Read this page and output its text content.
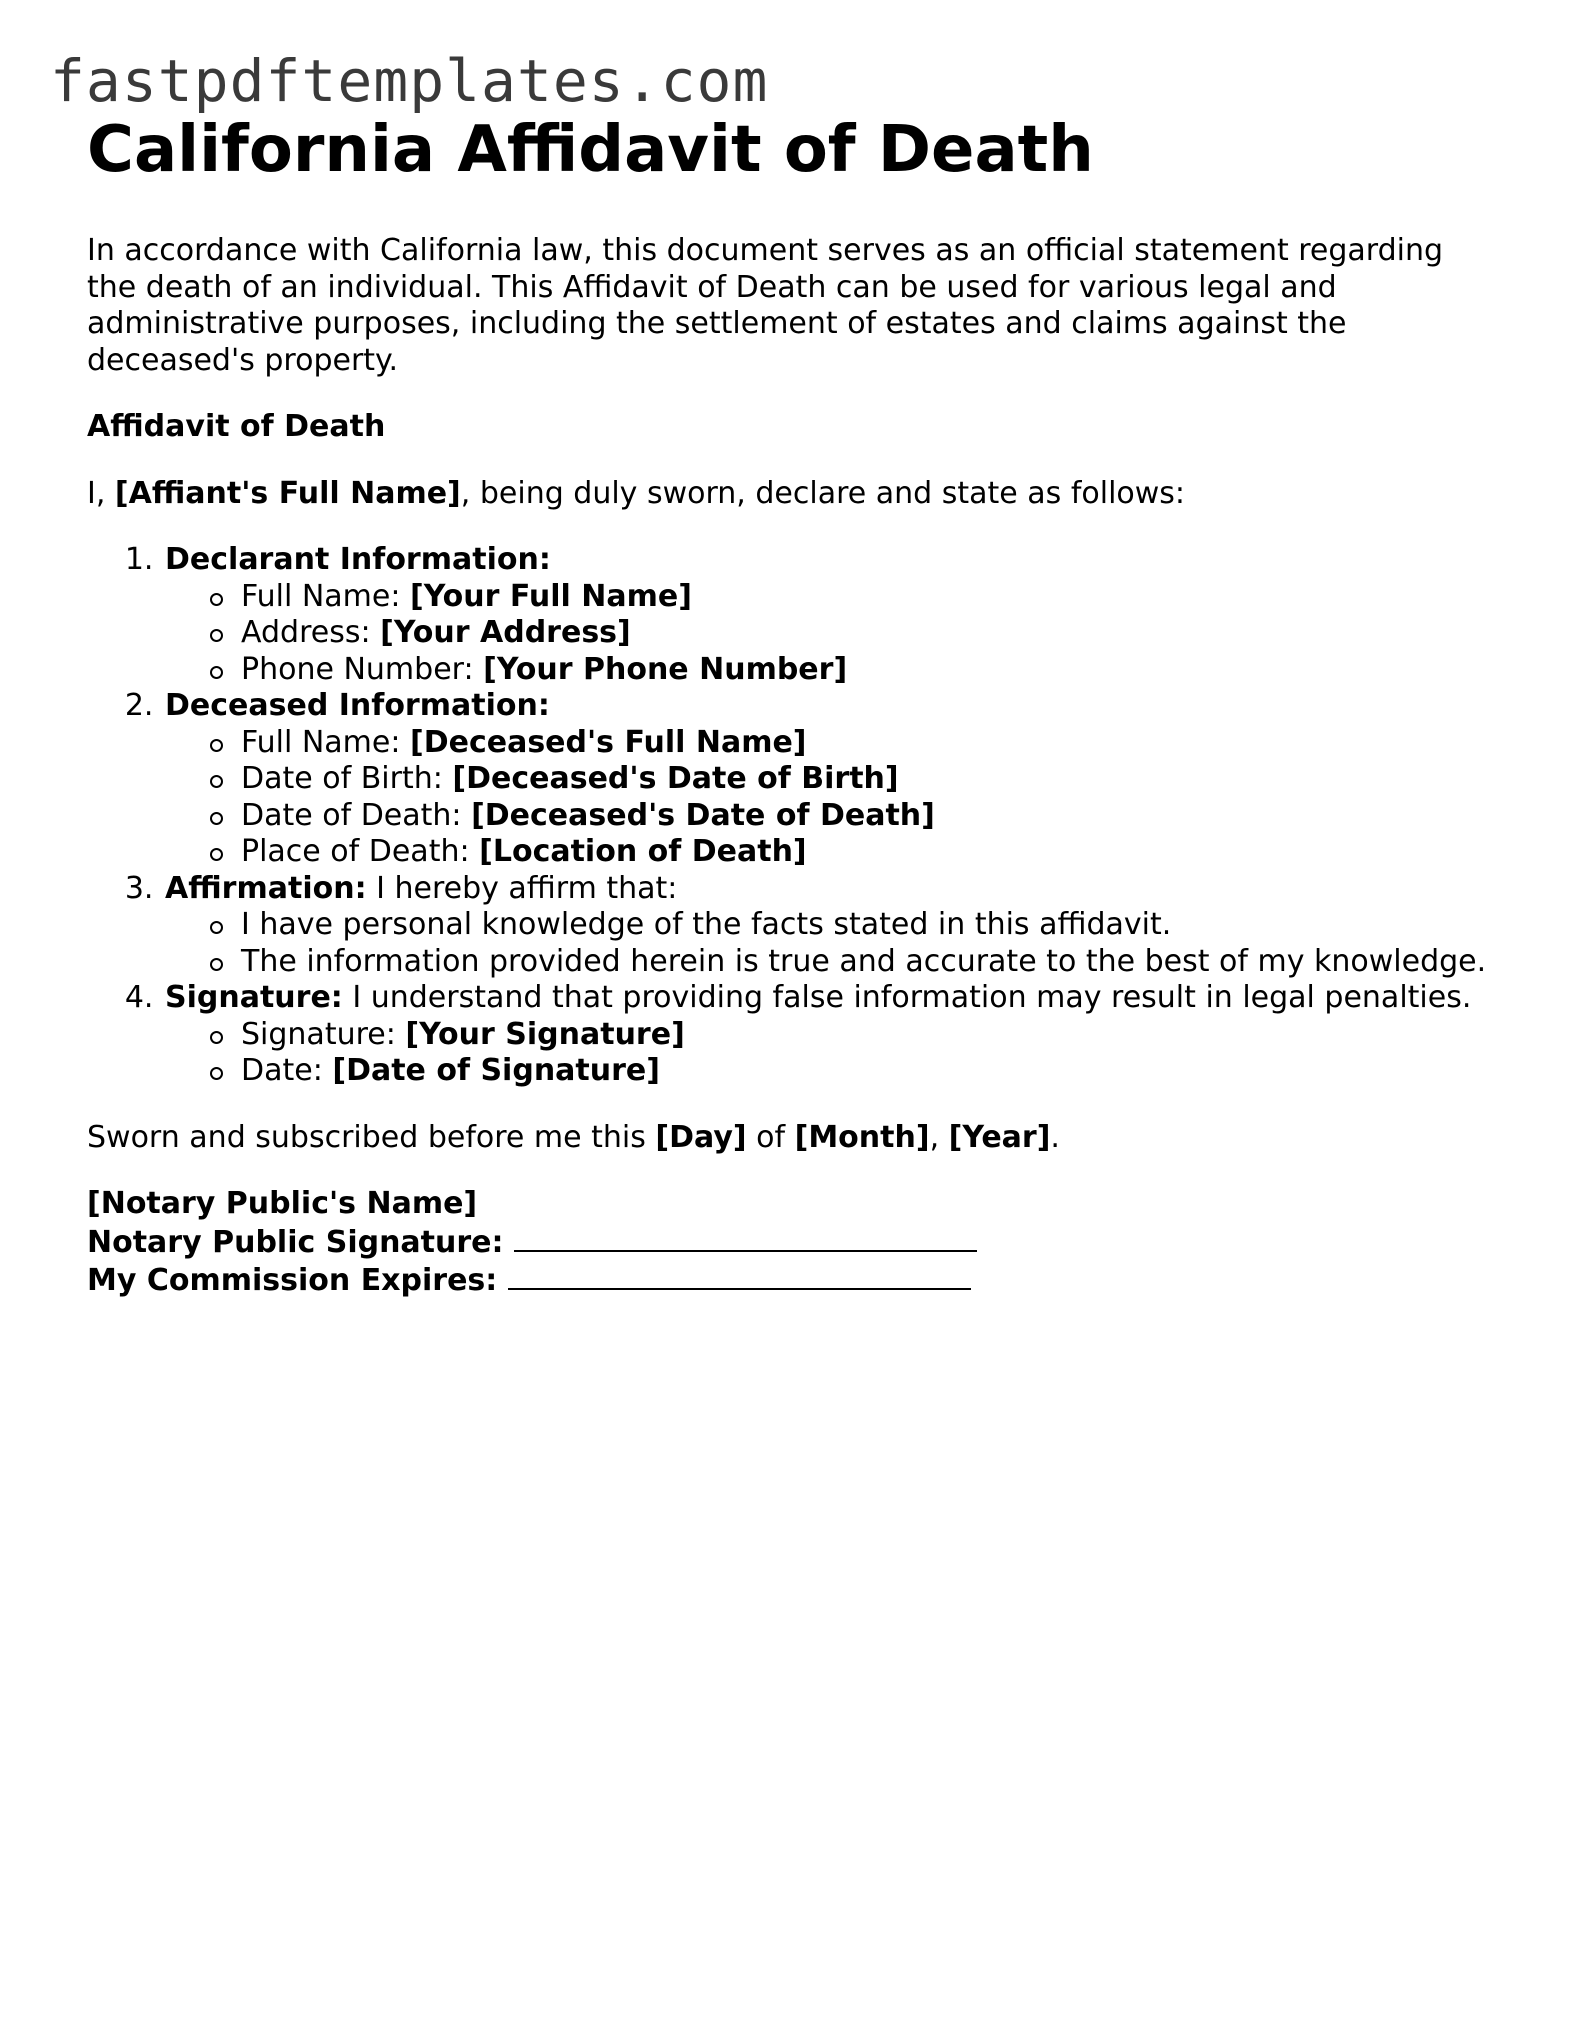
fastpdftemplates.com
California Affidavit of Death

In accordance with California law, this document serves as an official statement regarding the death of an individual. This Affidavit of Death can be used for various legal and administrative purposes, including the settlement of estates and claims against the deceased's property.

Affidavit of Death

I, [Affiant's Full Name], being duly sworn, declare and state as follows:

1. Declarant Information:
Full Name: [Your Full Name]
Address: [Your Address]
Phone Number: [Your Phone Number]
2. Deceased Information:
Full Name: [Deceased's Full Name]
Date of Birth: [Deceased's Date of Birth]
Date of Death: [Deceased's Date of Death]
Place of Death: [Location of Death]
3. Affirmation: I hereby affirm that:
I have personal knowledge of the facts stated in this affidavit.
The information provided herein is true and accurate to the best of my knowledge.
4. Signature: I understand that providing false information may result in legal penalties.
Signature: [Your Signature]
Date: [Date of Signature]

Sworn and subscribed before me this [Day] of [Month], [Year].

[Notary Public's Name]

Notary Public Signature:

My Commission Expires:
